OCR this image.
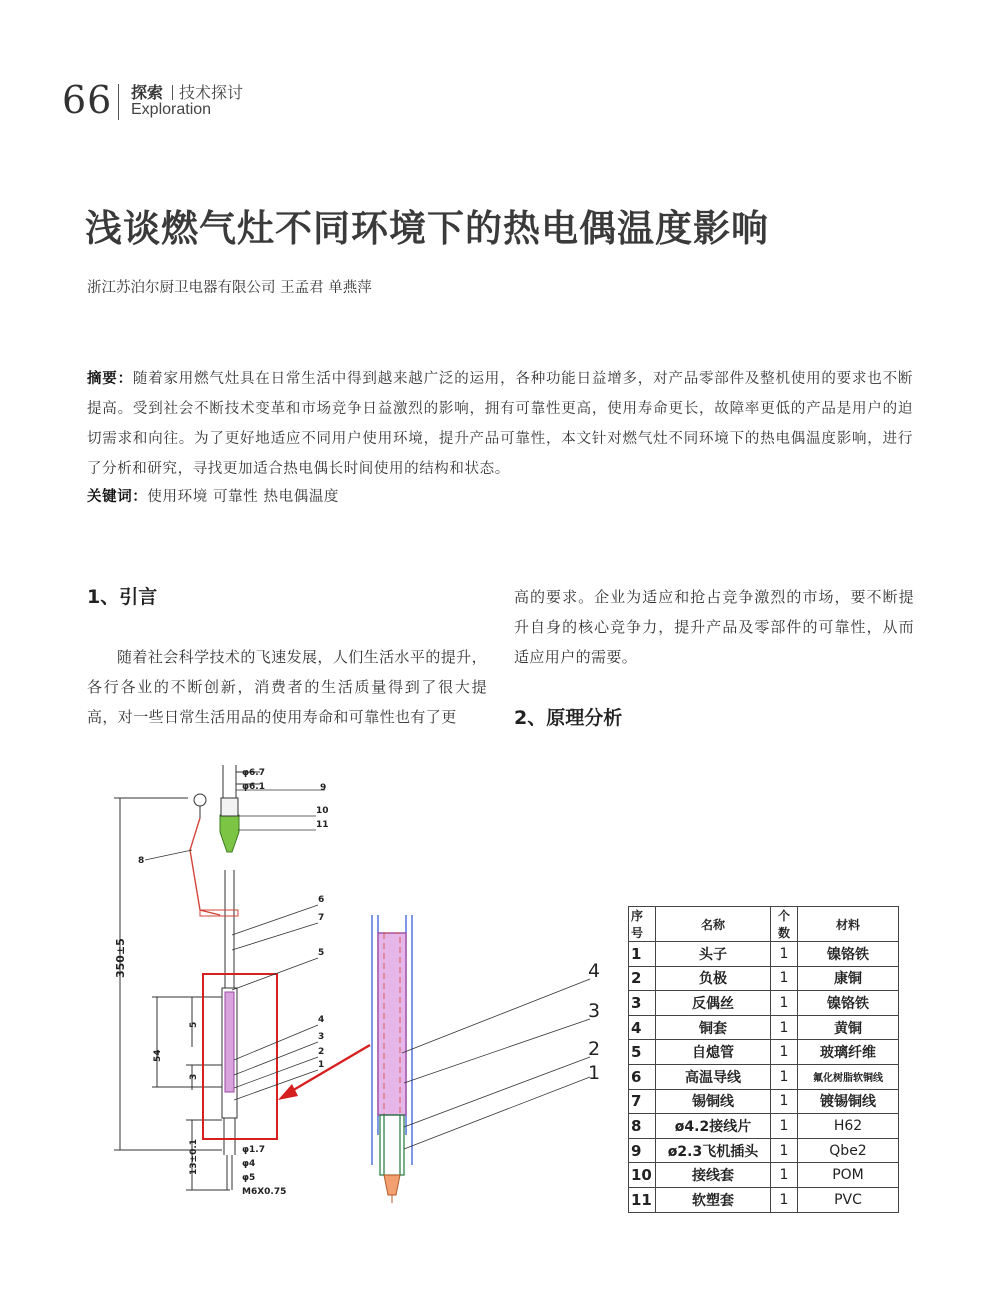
66 探索 技术探讨
Exploration
浅谈燃气灶不同环境下的热电偶温度影响
浙江苏泊尔厨卫电器有限公司 王孟君 单燕萍
摘要：随着家用燃气灶具在日常生活中得到越来越广泛的运用，各种功能日益增多，对产品零部件及整机使用的要求也不断提高。受到社会不断技术变革和市场竞争日益激烈的影响，拥有可靠性更高，使用寿命更长，故障率更低的产品是用户的迫切需求和向往。为了更好地适应不同用户使用环境，提升产品可靠性，本文针对燃气灶不同环境下的热电偶温度影响，进行了分析和研究，寻找更加适合热电偶长时间使用的结构和状态。
关键词：使用环境 可靠性 热电偶温度
1、引言
随着社会科学技术的飞速发展，人们生活水平的提升，各行各业的不断创新，消费者的生活质量得到了很大提高，对一些日常生活用品的使用寿命和可靠性也有了更
高的要求。企业为适应和抢占竞争激烈的市场，要不断提升自身的核心竞争力，提升产品及零部件的可靠性，从而适应用户的需要。
2、原理分析
φ6.7
φ6.1
φ1.7
φ4
φ5
M6X0.75
350±5
54
5
3
13±0.1
9
10
11
8
6
7
5
4
3
2
1
4
3
2
1
序号	名称	个数	材料
1	头子	1	镍铬铁
2	负极	1	康铜
3	反偶丝	1	镍铬铁
4	铜套	1	黄铜
5	自熄管	1	玻璃纤维
6	高温导线	1	氟化树脂软铜线
7	锡铜线	1	镀锡铜线
8	ø4.2接线片	1	H62
9	ø2.3飞机插头	1	Qbe2
10	接线套	1	POM
11	软塑套	1	PVC
